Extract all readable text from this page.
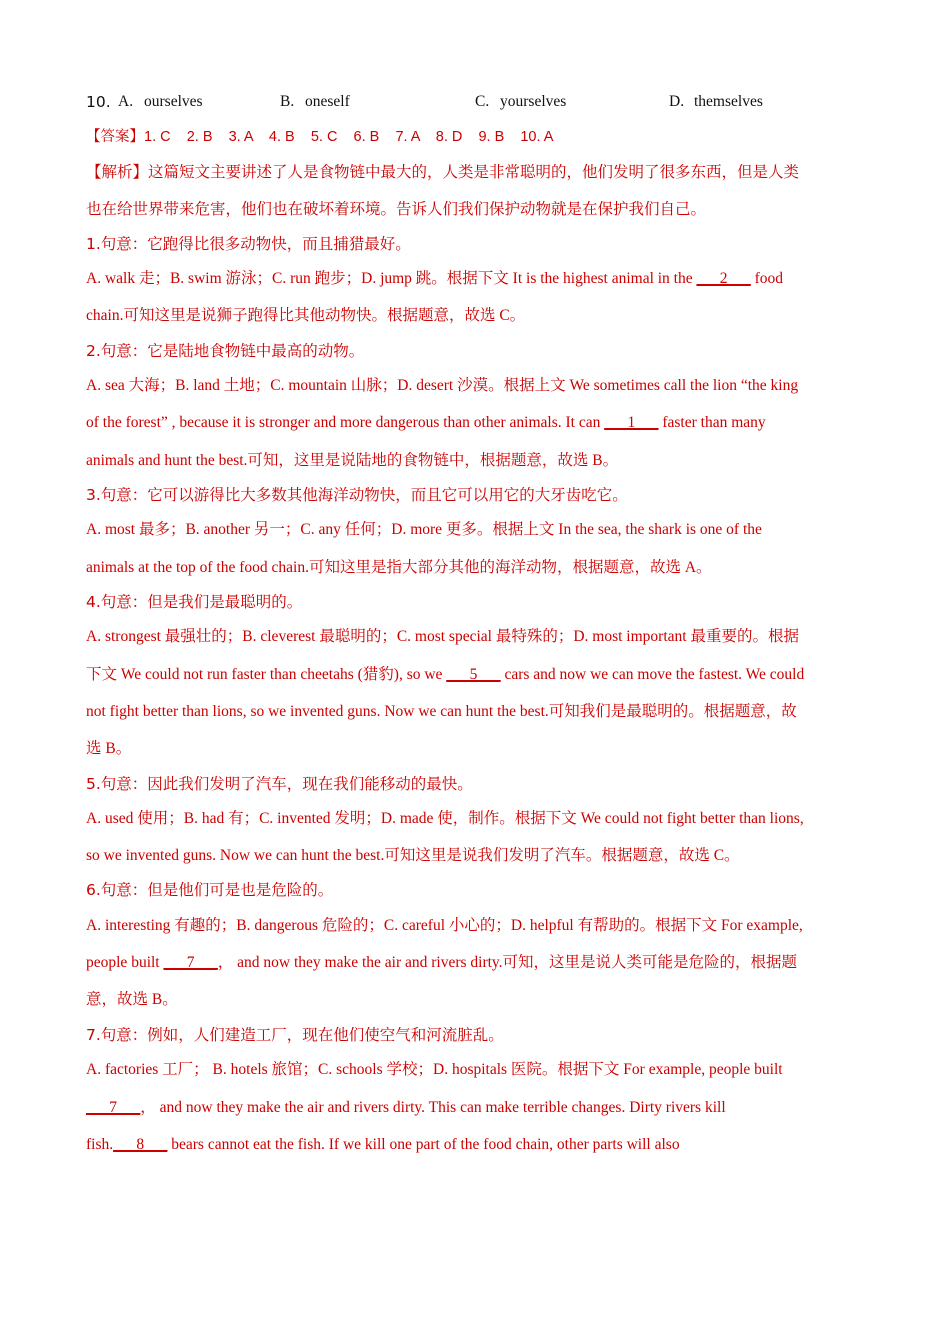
10. A. ourselves	B. oneself	C. yourselves	D. themselves
【答案】1. C    2. B    3. A    4. B    5. C    6. B    7. A    8. D    9. B    10. A
【解析】这篇短文主要讲述了人是食物链中最大的，人类是非常聪明的，他们发明了很多东西，但是人类
也在给世界带来危害，他们也在破坏着环境。告诉人们我们保护动物就是在保护我们自己。
1.句意：它跑得比很多动物快，而且捕猎最好。
A. walk 走；B. swim 游泳；C. run 跑步；D. jump 跳。根据下文 It is the highest animal in the ___2___ food
chain.可知这里是说狮子跑得比其他动物快。根据题意，故选 C。
2.句意：它是陆地食物链中最高的动物。
A. sea 大海；B. land 土地；C. mountain 山脉；D. desert 沙漠。根据上文 We sometimes call the lion “the king
of the forest” , because it is stronger and more dangerous than other animals. It can ___1___ faster than many
animals and hunt the best.可知，这里是说陆地的食物链中，根据题意，故选 B。
3.句意：它可以游得比大多数其他海洋动物快，而且它可以用它的大牙齿吃它。
A. most 最多；B. another 另一；C. any 任何；D. more 更多。根据上文 In the sea, the shark is one of the
animals at the top of the food chain.可知这里是指大部分其他的海洋动物，根据题意，故选 A。
4.句意：但是我们是最聪明的。
A. strongest 最强壮的；B. cleverest 最聪明的；C. most special 最特殊的；D. most important 最重要的。根据
下文 We could not run faster than cheetahs (猎豹), so we ___5___ cars and now we can move the fastest. We could
not fight better than lions, so we invented guns. Now we can hunt the best.可知我们是最聪明的。根据题意，故
选 B。
5.句意：因此我们发明了汽车，现在我们能移动的最快。
A. used 使用；B. had 有；C. invented 发明；D. made 使，制作。根据下文 We could not fight better than lions,
so we invented guns. Now we can hunt the best.可知这里是说我们发明了汽车。根据题意，故选 C。
6.句意：但是他们可是也是危险的。
A. interesting 有趣的；B. dangerous 危险的；C. careful 小心的；D. helpful 有帮助的。根据下文 For example,
people built ___7___， and now they make the air and rivers dirty.可知，这里是说人类可能是危险的，根据题
意，故选 B。
7.句意：例如，人们建造工厂，现在他们使空气和河流脏乱。
A. factories 工厂； B. hotels 旅馆；C. schools 学校；D. hospitals 医院。根据下文 For example, people built
___7___， and now they make the air and rivers dirty. This can make terrible changes. Dirty rivers kill
fish.___8___ bears cannot eat the fish. If we kill one part of the food chain, other parts will also
